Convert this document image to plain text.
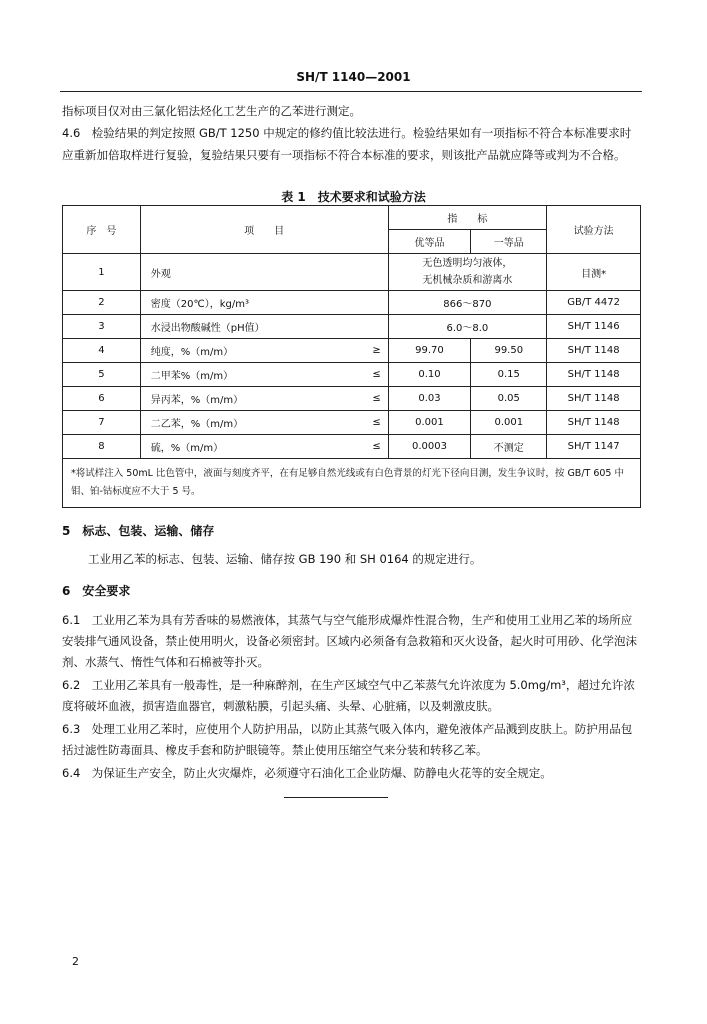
SH/T 1140—2001
指标项目仅对由三氯化铝法烃化工艺生产的乙苯进行测定。
4.6　检验结果的判定按照 GB/T 1250 中规定的修约值比较法进行。检验结果如有一项指标不符合本标准要求时应重新加倍取样进行复验，复验结果只要有一项指标不符合本标准的要求，则该批产品就应降等或判为不合格。
表 1　技术要求和试验方法
序　号	项　　目		指　　标		试验方法
			优等品	一等品	
1	外观		无色透明均匀液体，
无机械杂质和游离水		目测*
2	密度（20℃），kg/m³		866～870		GB/T 4472
3	水浸出物酸碱性（pH值）		6.0～8.0		SH/T 1146
4	纯度，%（m/m）	≥	99.70	99.50	SH/T 1148
5	二甲苯%（m/m）	≤	0.10	0.15	SH/T 1148
6	异丙苯，%（m/m）	≤	0.03	0.05	SH/T 1148
7	二乙苯，%（m/m）	≤	0.001	0.001	SH/T 1148
8	硫，%（m/m）	≤	0.0003	不测定	SH/T 1147
*将试样注入 50mL 比色管中，液面与刻度齐平，在有足够自然光线或有白色背景的灯光下径向目测，发生争议时，按 GB/T 605 中钼、铂-钴标度应不大于 5 号。					
5　标志、包装、运输、储存
工业用乙苯的标志、包装、运输、储存按 GB 190 和 SH 0164 的规定进行。
6　安全要求
6.1　工业用乙苯为具有芳香味的易燃液体，其蒸气与空气能形成爆炸性混合物，生产和使用工业用乙苯的场所应安装排气通风设备，禁止使用明火，设备必须密封。区域内必须备有急救箱和灭火设备，起火时可用砂、化学泡沫剂、水蒸气、惰性气体和石棉被等扑灭。
6.2　工业用乙苯具有一般毒性，是一种麻醉剂，在生产区域空气中乙苯蒸气允许浓度为 5.0mg/m³，超过允许浓度将破坏血液，损害造血器官，刺激粘膜，引起头痛、头晕、心脏痛，以及刺激皮肤。
6.3　处理工业用乙苯时，应使用个人防护用品，以防止其蒸气吸入体内，避免液体产品溅到皮肤上。防护用品包括过滤性防毒面具、橡皮手套和防护眼镜等。禁止使用压缩空气来分装和转移乙苯。
6.4　为保证生产安全，防止火灾爆炸，必须遵守石油化工企业防爆、防静电火花等的安全规定。
2
